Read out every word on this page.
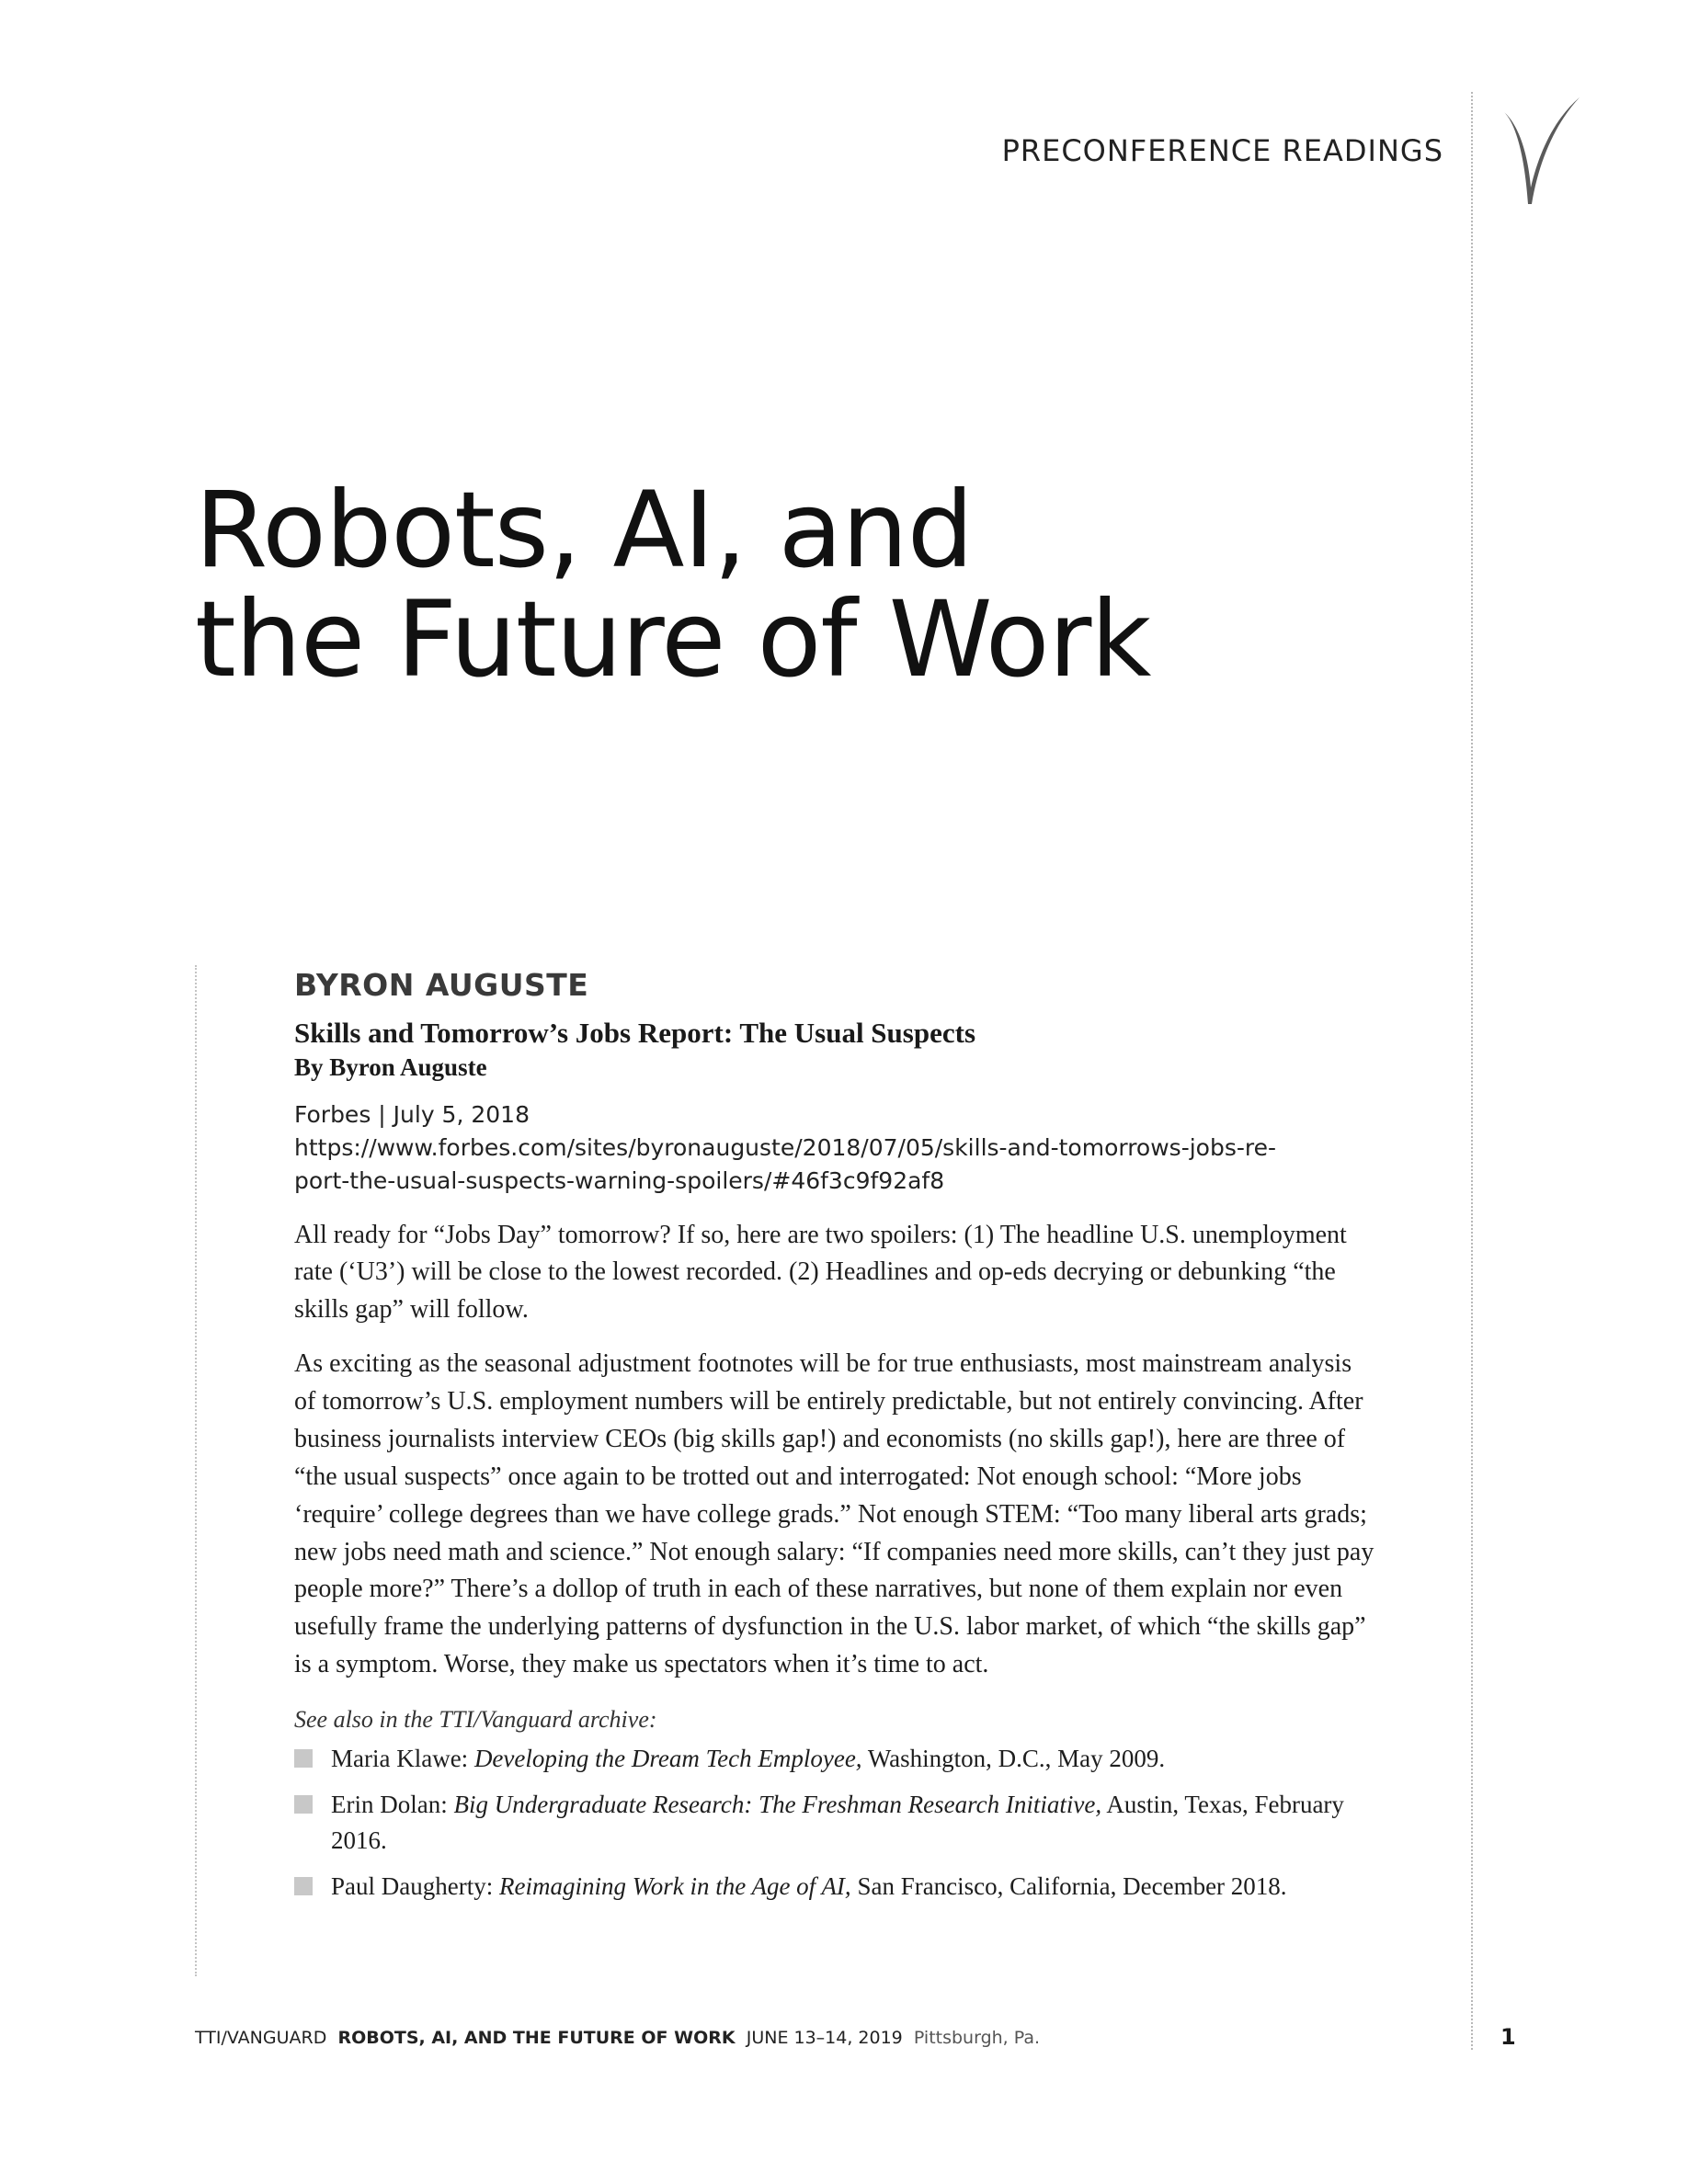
PRECONFERENCE READINGS
Robots, AI, and
the Future of Work
BYRON AUGUSTE
Skills and Tomorrow’s Jobs Report: The Usual Suspects
By Byron Auguste
Forbes | July 5, 2018
https://www.forbes.com/sites/byronauguste/2018/07/05/skills-and-tomorrows-jobs-re-
port-the-usual-suspects-warning-spoilers/#46f3c9f92af8

All ready for “Jobs Day” tomorrow? If so, here are two spoilers: (1) The headline U.S. unemployment rate (‘U3’) will be close to the lowest recorded. (2) Headlines and op-eds decrying or debunking “the skills gap” will follow.

As exciting as the seasonal adjustment footnotes will be for true enthusiasts, most mainstream analysis of tomorrow’s U.S. employment numbers will be entirely predictable, but not entirely convincing. After business journalists interview CEOs (big skills gap!) and economists (no skills gap!), here are three of “the usual suspects” once again to be trotted out and interrogated: Not enough school: “More jobs ‘require’ college degrees than we have college grads.” Not enough STEM: “Too many liberal arts grads; new jobs need math and science.” Not enough salary: “If companies need more skills, can’t they just pay people more?” There’s a dollop of truth in each of these narratives, but none of them explain nor even usefully frame the underlying patterns of dysfunction in the U.S. labor market, of which “the skills gap” is a symptom. Worse, they make us spectators when it’s time to act.

See also in the TTI/Vanguard archive:
Maria Klawe: Developing the Dream Tech Employee, Washington, D.C., May 2009.
Erin Dolan: Big Undergraduate Research: The Freshman Research Initiative, Austin, Texas, February 2016.
Paul Daugherty: Reimagining Work in the Age of AI, San Francisco, California, December 2018.
TTI/VANGUARD ROBOTS, AI, AND THE FUTURE OF WORK JUNE 13–14, 2019 Pittsburgh, Pa.	1
